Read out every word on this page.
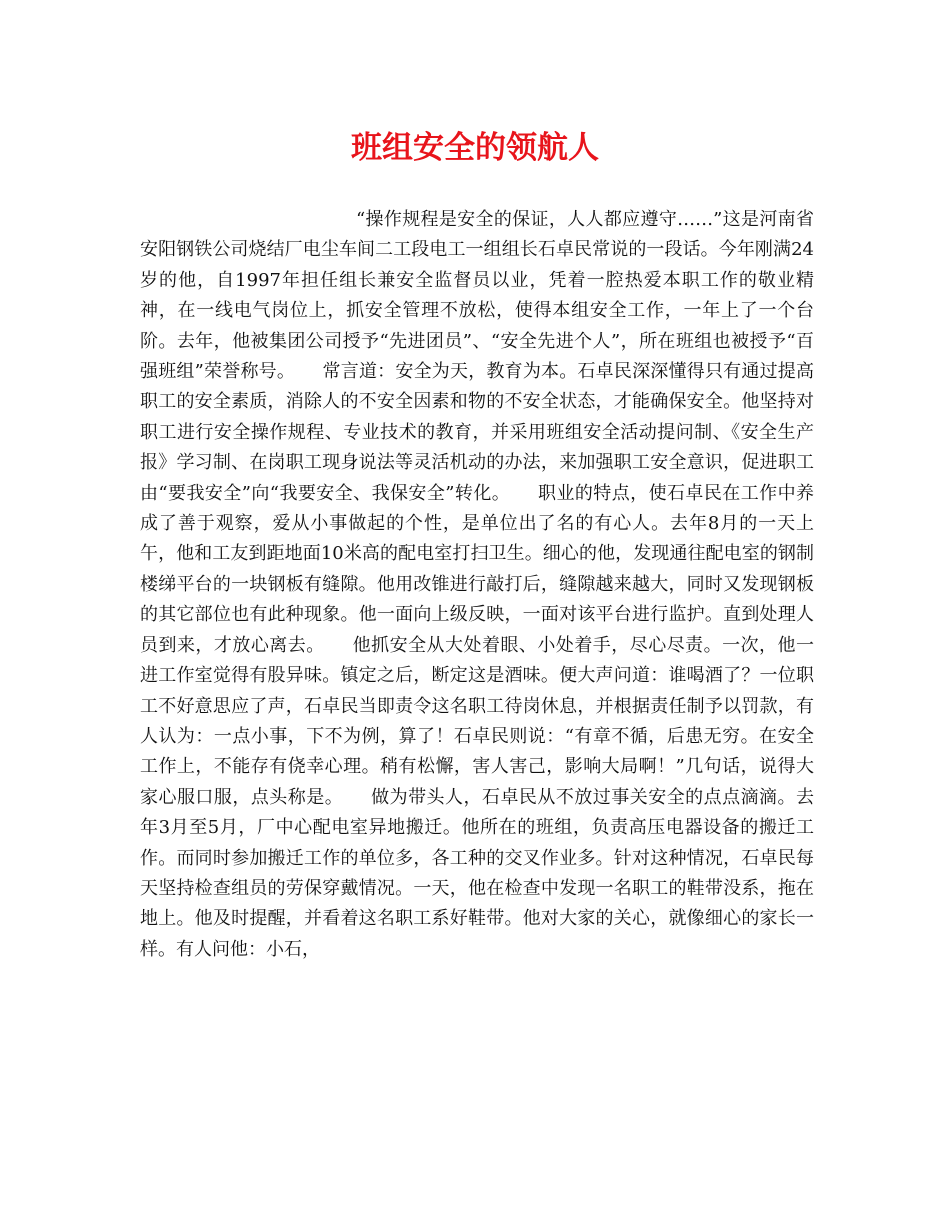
班组安全的领航人

“操作规程是安全的保证，人人都应遵守……”这是河南省安阳钢铁公司烧结厂电尘车间二工段电工一组组长石卓民常说的一段话。今年刚满24岁的他，自1997年担任组长兼安全监督员以业，凭着一腔热爱本职工作的敬业精神，在一线电气岗位上，抓安全管理不放松，使得本组安全工作，一年上了一个台阶。去年，他被集团公司授予“先进团员”、“安全先进个人”，所在班组也被授予“百强班组”荣誉称号。　　常言道：安全为天，教育为本。石卓民深深懂得只有通过提高职工的安全素质，消除人的不安全因素和物的不安全状态，才能确保安全。他坚持对职工进行安全操作规程、专业技术的教育，并采用班组安全活动提问制、《安全生产报》学习制、在岗职工现身说法等灵活机动的办法，来加强职工安全意识，促进职工由“要我安全”向“我要安全、我保安全”转化。　　职业的特点，使石卓民在工作中养成了善于观察，爱从小事做起的个性，是单位出了名的有心人。去年8月的一天上午，他和工友到距地面10米高的配电室打扫卫生。细心的他，发现通往配电室的钢制楼绨平台的一块钢板有缝隙。他用改锥进行敲打后，缝隙越来越大，同时又发现钢板的其它部位也有此种现象。他一面向上级反映，一面对该平台进行监护。直到处理人员到来，才放心离去。　　他抓安全从大处着眼、小处着手，尽心尽责。一次，他一进工作室觉得有股异味。镇定之后，断定这是酒味。便大声问道：谁喝酒了？一位职工不好意思应了声，石卓民当即责令这名职工待岗休息，并根据责任制予以罚款，有人认为：一点小事，下不为例，算了！石卓民则说：“有章不循，后患无穷。在安全工作上，不能存有侥幸心理。稍有松懈，害人害己，影响大局啊！”几句话，说得大家心服口服，点头称是。　　做为带头人，石卓民从不放过事关安全的点点滴滴。去年3月至5月，厂中心配电室异地搬迁。他所在的班组，负责高压电器设备的搬迁工作。而同时参加搬迁工作的单位多，各工种的交叉作业多。针对这种情况，石卓民每天坚持检查组员的劳保穿戴情况。一天，他在检查中发现一名职工的鞋带没系，拖在地上。他及时提醒，并看着这名职工系好鞋带。他对大家的关心，就像细心的家长一样。有人问他：小石，
